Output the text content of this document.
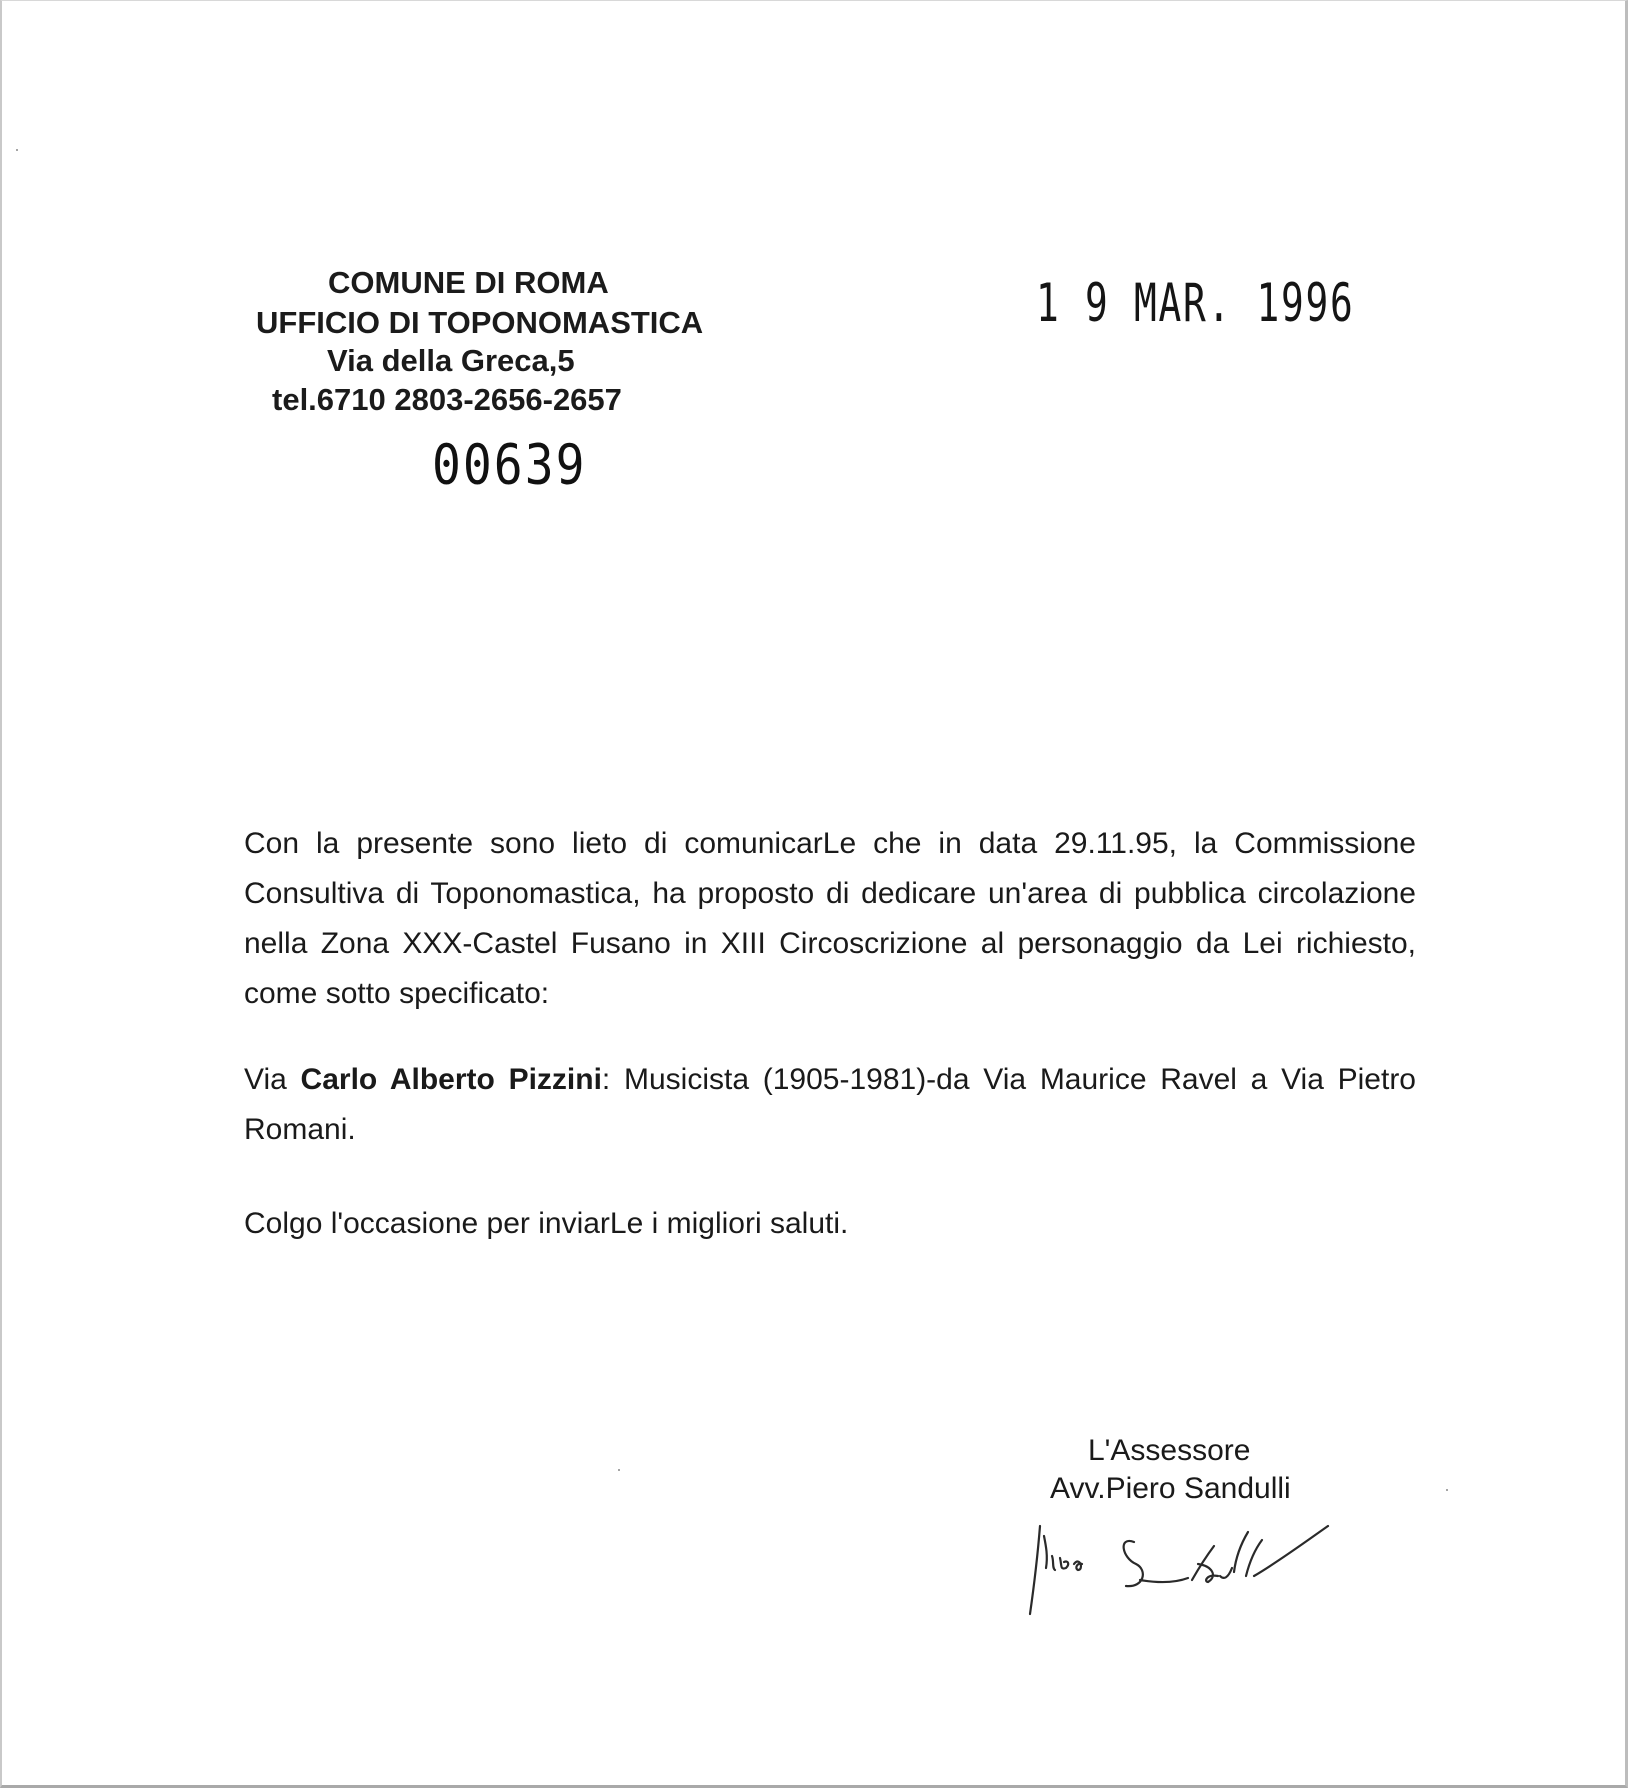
COMUNE DI ROMA
UFFICIO DI TOPONOMASTICA
Via della Greca,5
tel.6710 2803-2656-2657
00639
1 9 MAR. 1996

Con la presente sono lieto di comunicarLe che in data 29.11.95, la Commissione Consultiva di Toponomastica, ha proposto di dedicare un'area di pubblica circolazione nella Zona XXX-Castel Fusano in XIII Circoscrizione al personaggio da Lei richiesto, come sotto specificato:

Via Carlo Alberto Pizzini: Musicista (1905-1981)-da Via Maurice Ravel a Via Pietro Romani.

Colgo l'occasione per inviarLe i migliori saluti.

L'Assessore
Avv.Piero Sandulli
